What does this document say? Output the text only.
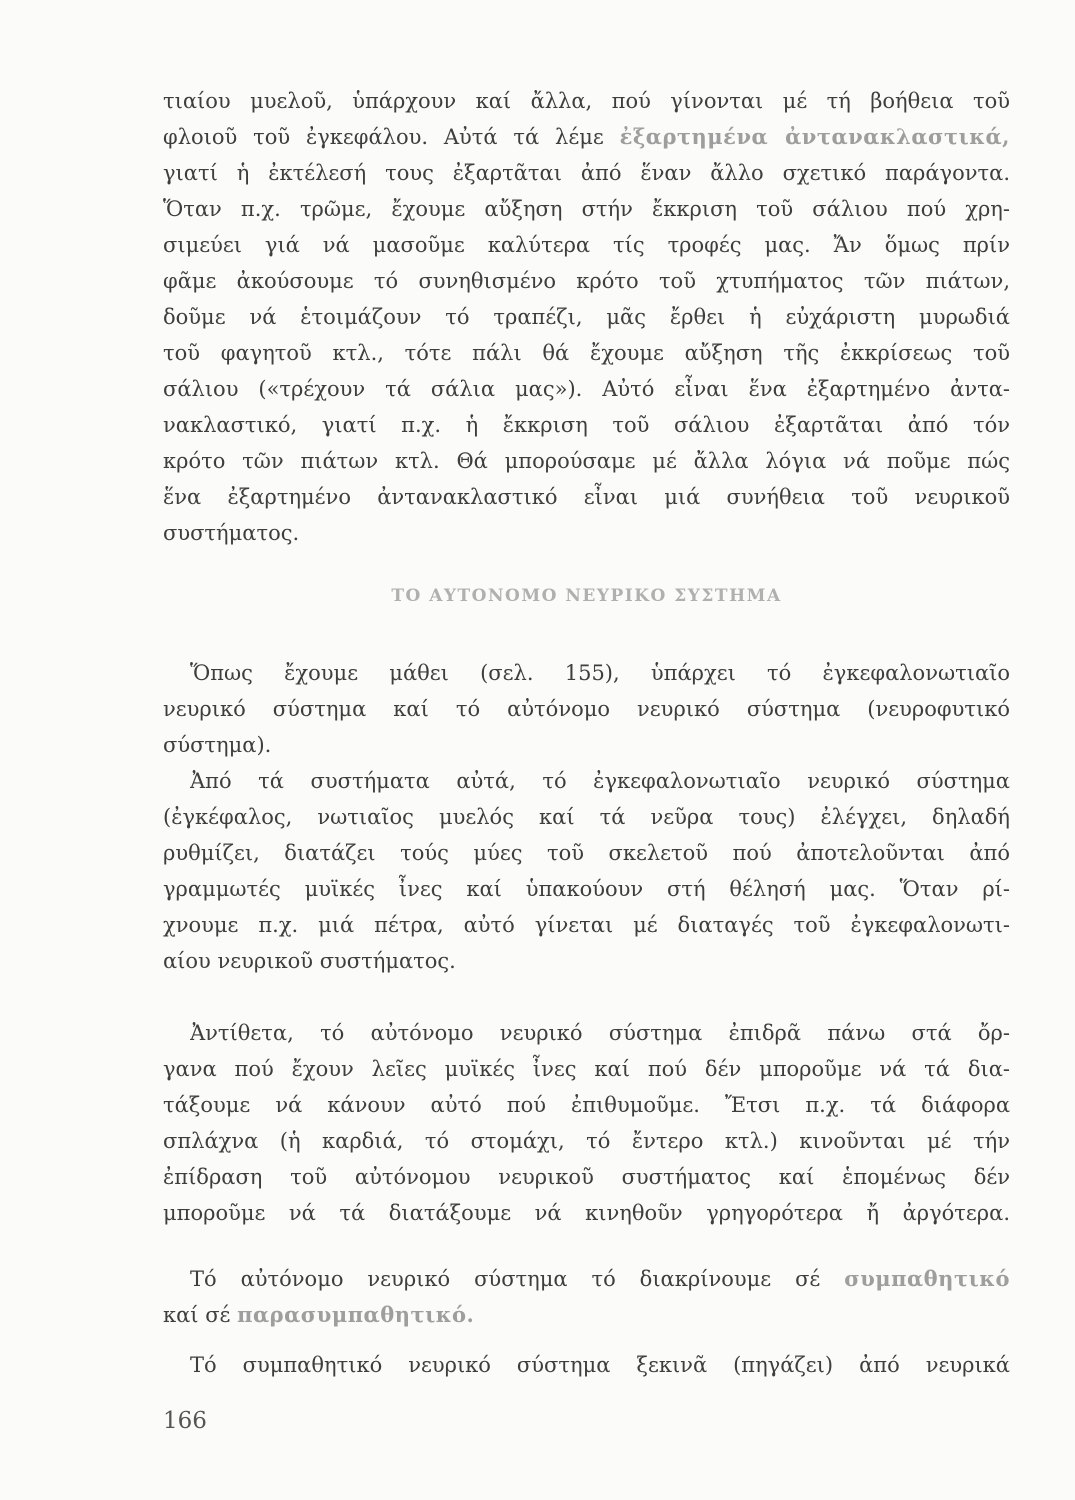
τιαίου μυελοῦ, ὑπάρχουν καί ἄλλα, πού γίνονται μέ τή βοήθεια τοῦ
φλοιοῦ τοῦ ἐγκεφάλου. Αὐτά τά λέμε ἐξαρτημένα ἀντανακλαστικά,
γιατί ἡ ἐκτέλεσή τους ἐξαρτᾶται ἀπό ἕναν ἄλλο σχετικό παράγοντα.
Ὅταν π.χ. τρῶμε, ἔχουμε αὔξηση στήν ἔκκριση τοῦ σάλιου πού χρη-
σιμεύει γιά νά μασοῦμε καλύτερα τίς τροφές μας. Ἄν ὅμως πρίν
φᾶμε ἀκούσουμε τό συνηθισμένο κρότο τοῦ χτυπήματος τῶν πιάτων,
δοῦμε νά ἑτοιμάζουν τό τραπέζι, μᾶς ἔρθει ἡ εὐχάριστη μυρωδιά
τοῦ φαγητοῦ κτλ., τότε πάλι θά ἔχουμε αὔξηση τῆς ἐκκρίσεως τοῦ
σάλιου («τρέχουν τά σάλια μας»). Αὐτό εἶναι ἕνα ἐξαρτημένο ἀντα-
νακλαστικό, γιατί π.χ. ἡ ἔκκριση τοῦ σάλιου ἐξαρτᾶται ἀπό τόν
κρότο τῶν πιάτων κτλ. Θά μπορούσαμε μέ ἄλλα λόγια νά ποῦμε πώς
ἕνα ἐξαρτημένο ἀντανακλαστικό εἶναι μιά συνήθεια τοῦ νευρικοῦ
συστήματος.
ΤΟ ΑΥΤΟΝΟΜΟ ΝΕΥΡΙΚΟ ΣΥΣΤΗΜΑ
Ὅπως ἔχουμε μάθει (σελ. 155), ὑπάρχει τό ἐγκεφαλονωτιαῖο
νευρικό σύστημα καί τό αὐτόνομο νευρικό σύστημα (νευροφυτικό
σύστημα).
Ἀπό τά συστήματα αὐτά, τό ἐγκεφαλονωτιαῖο νευρικό σύστημα
(ἐγκέφαλος, νωτιαῖος μυελός καί τά νεῦρα τους) ἐλέγχει, δηλαδή
ρυθμίζει, διατάζει τούς μύες τοῦ σκελετοῦ πού ἀποτελοῦνται ἀπό
γραμμωτές μυϊκές ἶνες καί ὑπακούουν στή θέλησή μας. Ὅταν ρί-
χνουμε π.χ. μιά πέτρα, αὐτό γίνεται μέ διαταγές τοῦ ἐγκεφαλονωτι-
αίου νευρικοῦ συστήματος.
Ἀντίθετα, τό αὐτόνομο νευρικό σύστημα ἐπιδρᾶ πάνω στά ὄρ-
γανα πού ἔχουν λεῖες μυϊκές ἶνες καί πού δέν μποροῦμε νά τά δια-
τάξουμε νά κάνουν αὐτό πού ἐπιθυμοῦμε. Ἔτσι π.χ. τά διάφορα
σπλάχνα (ἡ καρδιά, τό στομάχι, τό ἔντερο κτλ.) κινοῦνται μέ τήν
ἐπίδραση τοῦ αὐτόνομου νευρικοῦ συστήματος καί ἑπομένως δέν
μποροῦμε νά τά διατάξουμε νά κινηθοῦν γρηγορότερα ἤ ἀργότερα.
Τό αὐτόνομο νευρικό σύστημα τό διακρίνουμε σέ συμπαθητικό
καί σέ παρασυμπαθητικό.
Τό συμπαθητικό νευρικό σύστημα ξεκινᾶ (πηγάζει) ἀπό νευρικά
166
